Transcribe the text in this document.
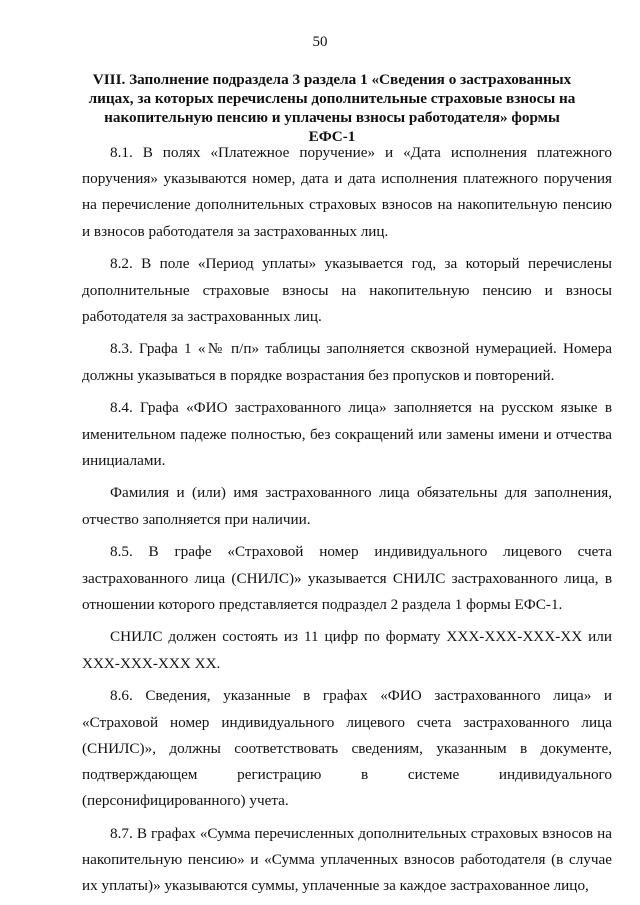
50
VIII. Заполнение подраздела 3 раздела 1 «Сведения о застрахованных лицах, за которых перечислены дополнительные страховые взносы на накопительную пенсию и уплачены взносы работодателя» формы ЕФС-1

8.1. В полях «Платежное поручение» и «Дата исполнения платежного поручения» указываются номер, дата и дата исполнения платежного поручения на перечисление дополнительных страховых взносов на накопительную пенсию и взносов работодателя за застрахованных лиц.

8.2. В поле «Период уплаты» указывается год, за который перечислены дополнительные страховые взносы на накопительную пенсию и взносы работодателя за застрахованных лиц.

8.3. Графа 1 «№ п/п» таблицы заполняется сквозной нумерацией. Номера должны указываться в порядке возрастания без пропусков и повторений.

8.4. Графа «ФИО застрахованного лица» заполняется на русском языке в именительном падеже полностью, без сокращений или замены имени и отчества инициалами.

Фамилия и (или) имя застрахованного лица обязательны для заполнения, отчество заполняется при наличии.

8.5. В графе «Страховой номер индивидуального лицевого счета застрахованного лица (СНИЛС)» указывается СНИЛС застрахованного лица, в отношении которого представляется подраздел 2 раздела 1 формы ЕФС-1.

СНИЛС должен состоять из 11 цифр по формату XXX-XXX-XXX-XX или XXX-XXX-XXX XX.

8.6. Сведения, указанные в графах «ФИО застрахованного лица» и «Страховой номер индивидуального лицевого счета застрахованного лица (СНИЛС)», должны соответствовать сведениям, указанным в документе, подтверждающем регистрацию в системе индивидуального (персонифицированного) учета.

8.7. В графах «Сумма перечисленных дополнительных страховых взносов на накопительную пенсию» и «Сумма уплаченных взносов работодателя (в случае их уплаты)» указываются суммы, уплаченные за каждое застрахованное лицо,
